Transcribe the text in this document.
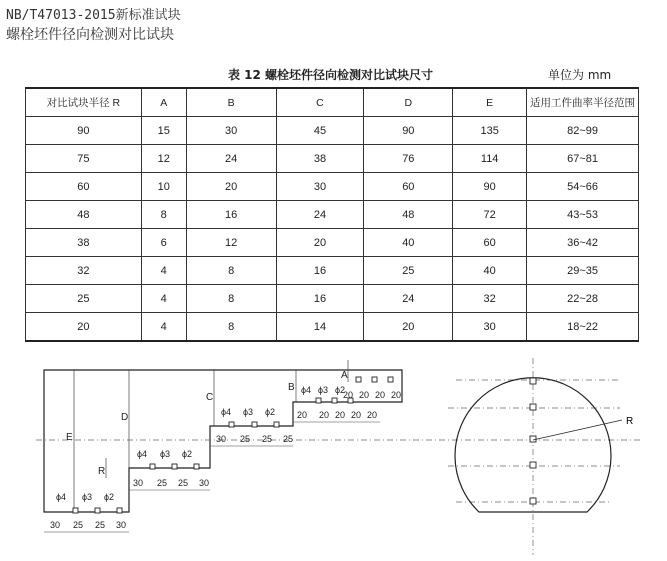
NB/T47013-2015新标准试块
螺栓坯件径向检测对比试块
表 12 螺栓坯件径向检测对比试块尺寸	单位为 mm
对比试块半径 R	A	B	C	D	E	适用工件曲率半径范围
90	15	30	45	90	135	82~99
75	12	24	38	76	114	67~81
60	10	20	30	60	90	54~66
48	8	16	24	48	72	43~53
38	6	12	20	40	60	36~42
32	4	8	16	25	40	29~35
25	4	8	16	24	32	22~28
20	4	8	14	20	30	18~22
R
E
D
C
B
A
R
ϕ4 ϕ3 ϕ2
ϕ4 ϕ3 ϕ2
ϕ4 ϕ3 ϕ2
ϕ4 ϕ3 ϕ2
30 25 25 30
30 25 25 30
30 25 25 25
20 20 20 20 20
20 20 20 20
